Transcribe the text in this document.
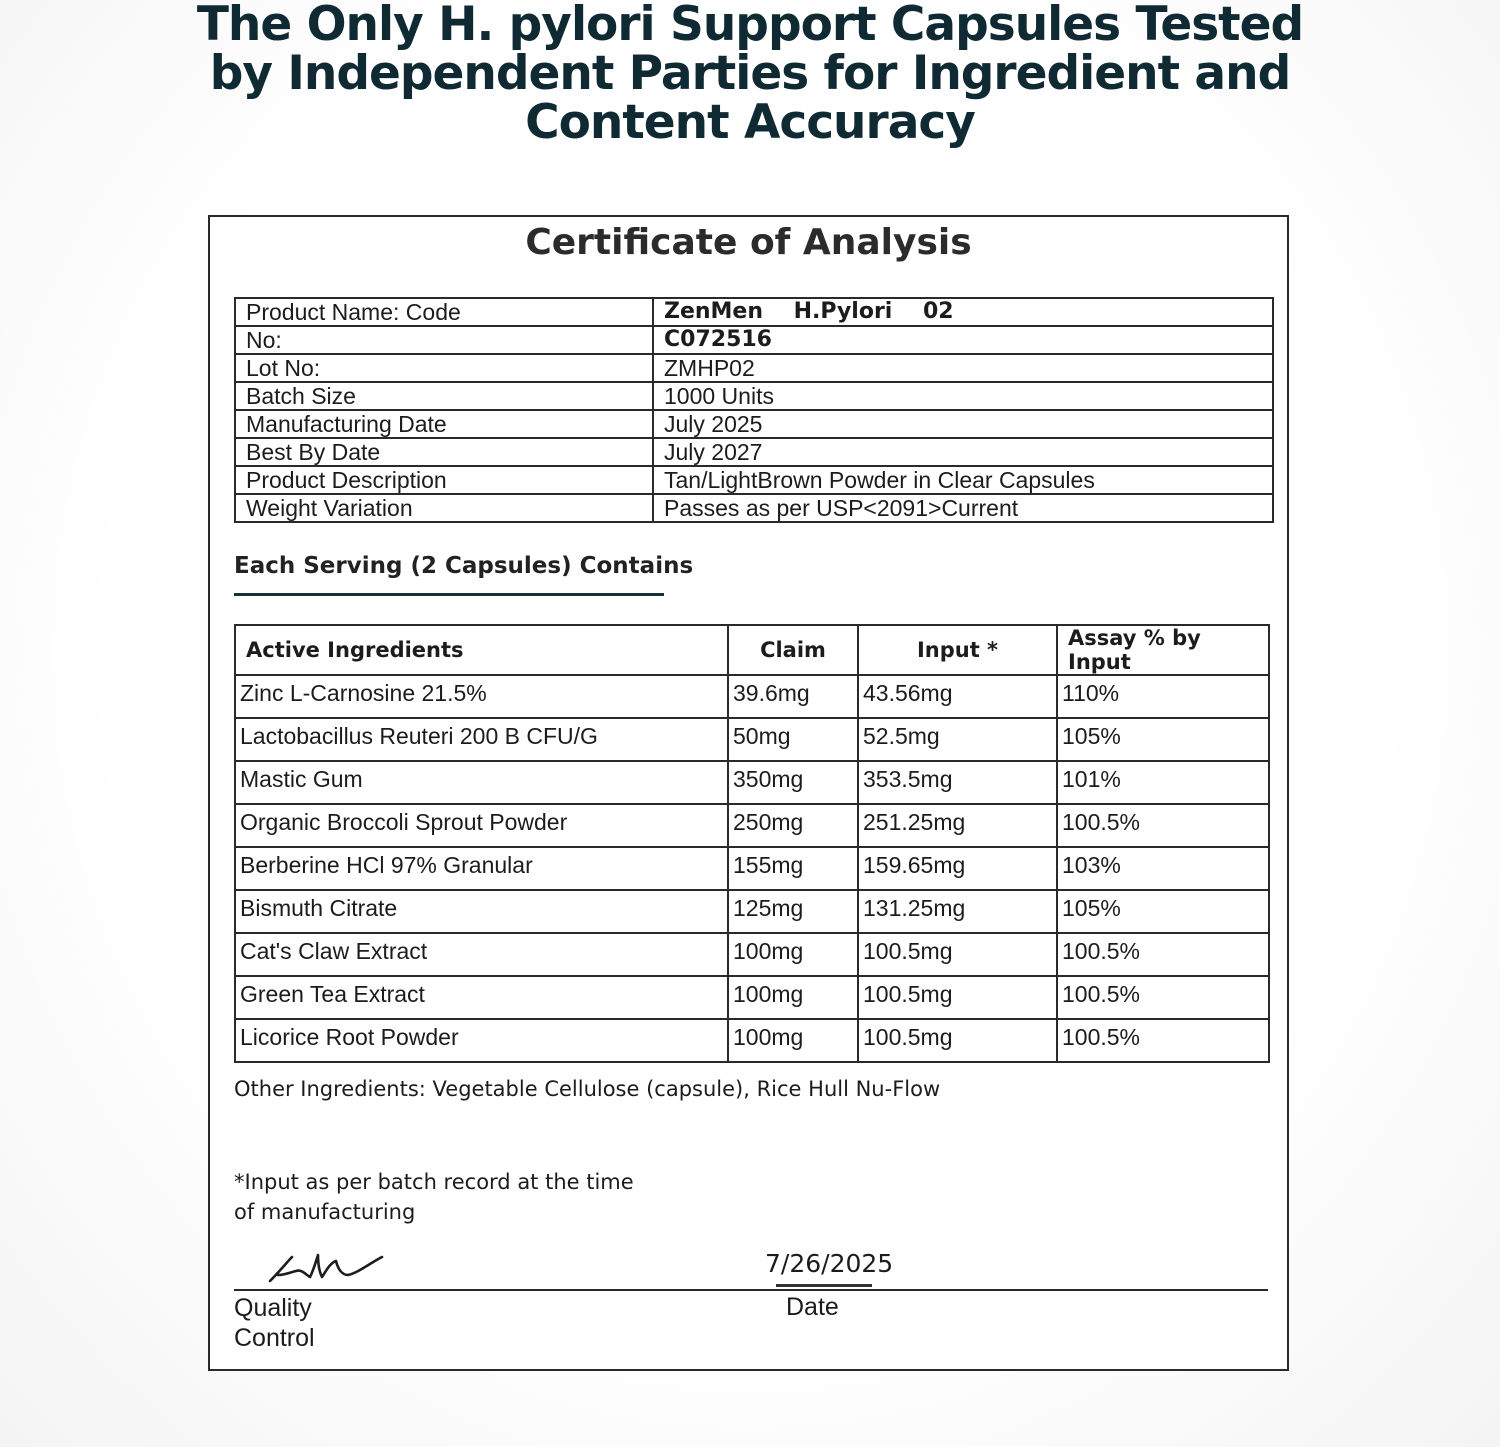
The Only H. pylori Support Capsules Tested
by Independent Parties for Ingredient and
Content Accuracy
Certificate of Analysis
Product Name: Code	ZenMen    H.Pylori    02
No:	C072516
Lot No:	ZMHP02
Batch Size	1000 Units
Manufacturing Date	July 2025
Best By Date	July 2027
Product Description	Tan/LightBrown Powder in Clear Capsules
Weight Variation	Passes as per USP<2091>Current
Each Serving (2 Capsules) Contains
Active Ingredients	Claim	Input *	Assay % by Input
Zinc L-Carnosine 21.5%	39.6mg	43.56mg	110%
Lactobacillus Reuteri 200 B CFU/G	50mg	52.5mg	105%
Mastic Gum	350mg	353.5mg	101%
Organic Broccoli Sprout Powder	250mg	251.25mg	100.5%
Berberine HCl 97% Granular	155mg	159.65mg	103%
Bismuth Citrate	125mg	131.25mg	105%
Cat's Claw Extract	100mg	100.5mg	100.5%
Green Tea Extract	100mg	100.5mg	100.5%
Licorice Root Powder	100mg	100.5mg	100.5%
Other Ingredients: Vegetable Cellulose (capsule), Rice Hull Nu-Flow
*Input as per batch record at the time of manufacturing
7/26/2025
Quality
Control
Date
